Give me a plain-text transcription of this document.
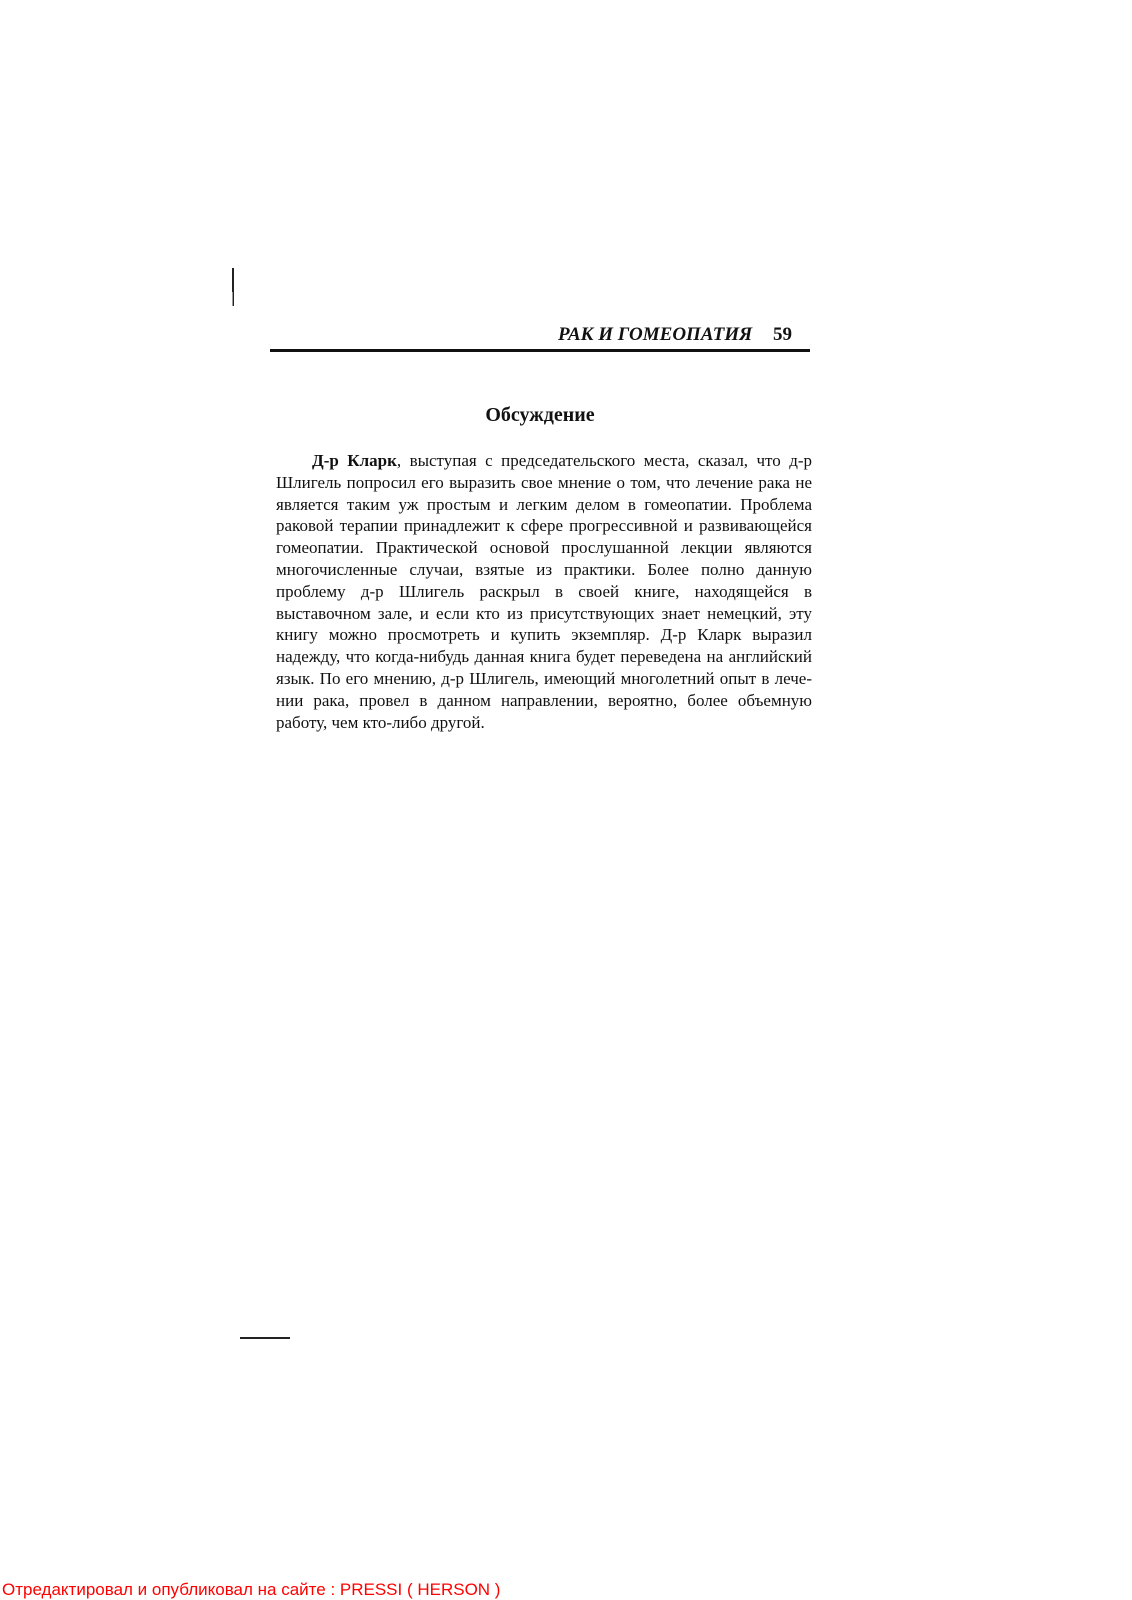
РАК И ГОМЕОПАТИЯ 59
Обсуждение

Д-р Кларк, выступая с председательского места, сказал, что д-р Шлигель попросил его выразить свое мнение о том, что лечение рака не является таким уж простым и легким делом в гомеопатии. Проблема раковой терапии принадлежит к сфере прогрессивной и развивающейся гомеопатии. Практической основой прослушанной лекции являются многочисленные случаи, взятые из практики. Более полно данную проблему д-р Шлигель раскрыл в своей книге, находящейся в выставочном зале, и если кто из присутствующих знает немецкий, эту книгу можно просмотреть и купить экземпляр. Д-р Кларк выразил надежду, что когда-нибудь данная книга будет переведена на английский язык. По его мнению, д-р Шлигель, имеющий многолетний опыт в лечении рака, провел в данном направлении, вероятно, более объемную работу, чем кто-либо другой.

Отредактировал и опубликовал на сайте : PRESSI ( HERSON )
